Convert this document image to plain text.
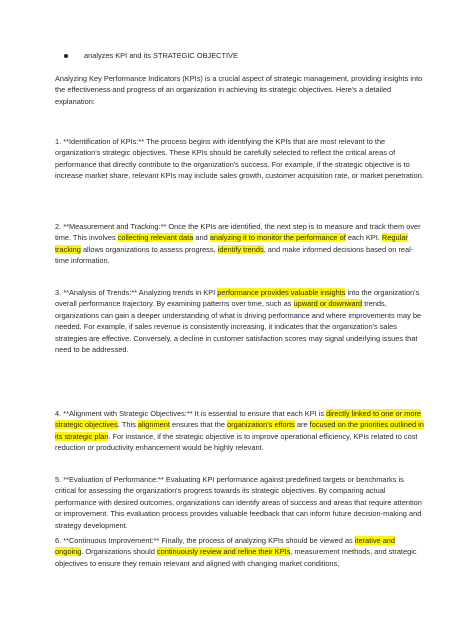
analyzes KPI and its STRATEGIC OBJECTIVE

Analyzing Key Performance Indicators (KPIs) is a crucial aspect of strategic management, providing insights into the effectiveness and progress of an organization in achieving its strategic objectives. Here's a detailed explanation:

1. **Identification of KPIs:** The process begins with identifying the KPIs that are most relevant to the organization's strategic objectives. These KPIs should be carefully selected to reflect the critical areas of performance that directly contribute to the organization's success. For example, if the strategic objective is to increase market share, relevant KPIs may include sales growth, customer acquisition rate, or market penetration.

2. **Measurement and Tracking:** Once the KPIs are identified, the next step is to measure and track them over time. This involves collecting relevant data and analyzing it to monitor the performance of each KPI. Regular tracking allows organizations to assess progress, identify trends, and make informed decisions based on real-time information.

3. **Analysis of Trends:** Analyzing trends in KPI performance provides valuable insights into the organization's overall performance trajectory. By examining patterns over time, such as upward or downward trends, organizations can gain a deeper understanding of what is driving performance and where improvements may be needed. For example, if sales revenue is consistently increasing, it indicates that the organization's sales strategies are effective. Conversely, a decline in customer satisfaction scores may signal underlying issues that need to be addressed.

4. **Alignment with Strategic Objectives:** It is essential to ensure that each KPI is directly linked to one or more strategic objectives. This alignment ensures that the organization's efforts are focused on the priorities outlined in its strategic plan. For instance, if the strategic objective is to improve operational efficiency, KPIs related to cost reduction or productivity enhancement would be highly relevant.

5. **Evaluation of Performance:** Evaluating KPI performance against predefined targets or benchmarks is critical for assessing the organization's progress towards its strategic objectives. By comparing actual performance with desired outcomes, organizations can identify areas of success and areas that require attention or improvement. This evaluation process provides valuable feedback that can inform future decision-making and strategy development.

6. **Continuous Improvement:** Finally, the process of analyzing KPIs should be viewed as iterative and ongoing. Organizations should continuously review and refine their KPIs, measurement methods, and strategic objectives to ensure they remain relevant and aligned with changing market conditions,
